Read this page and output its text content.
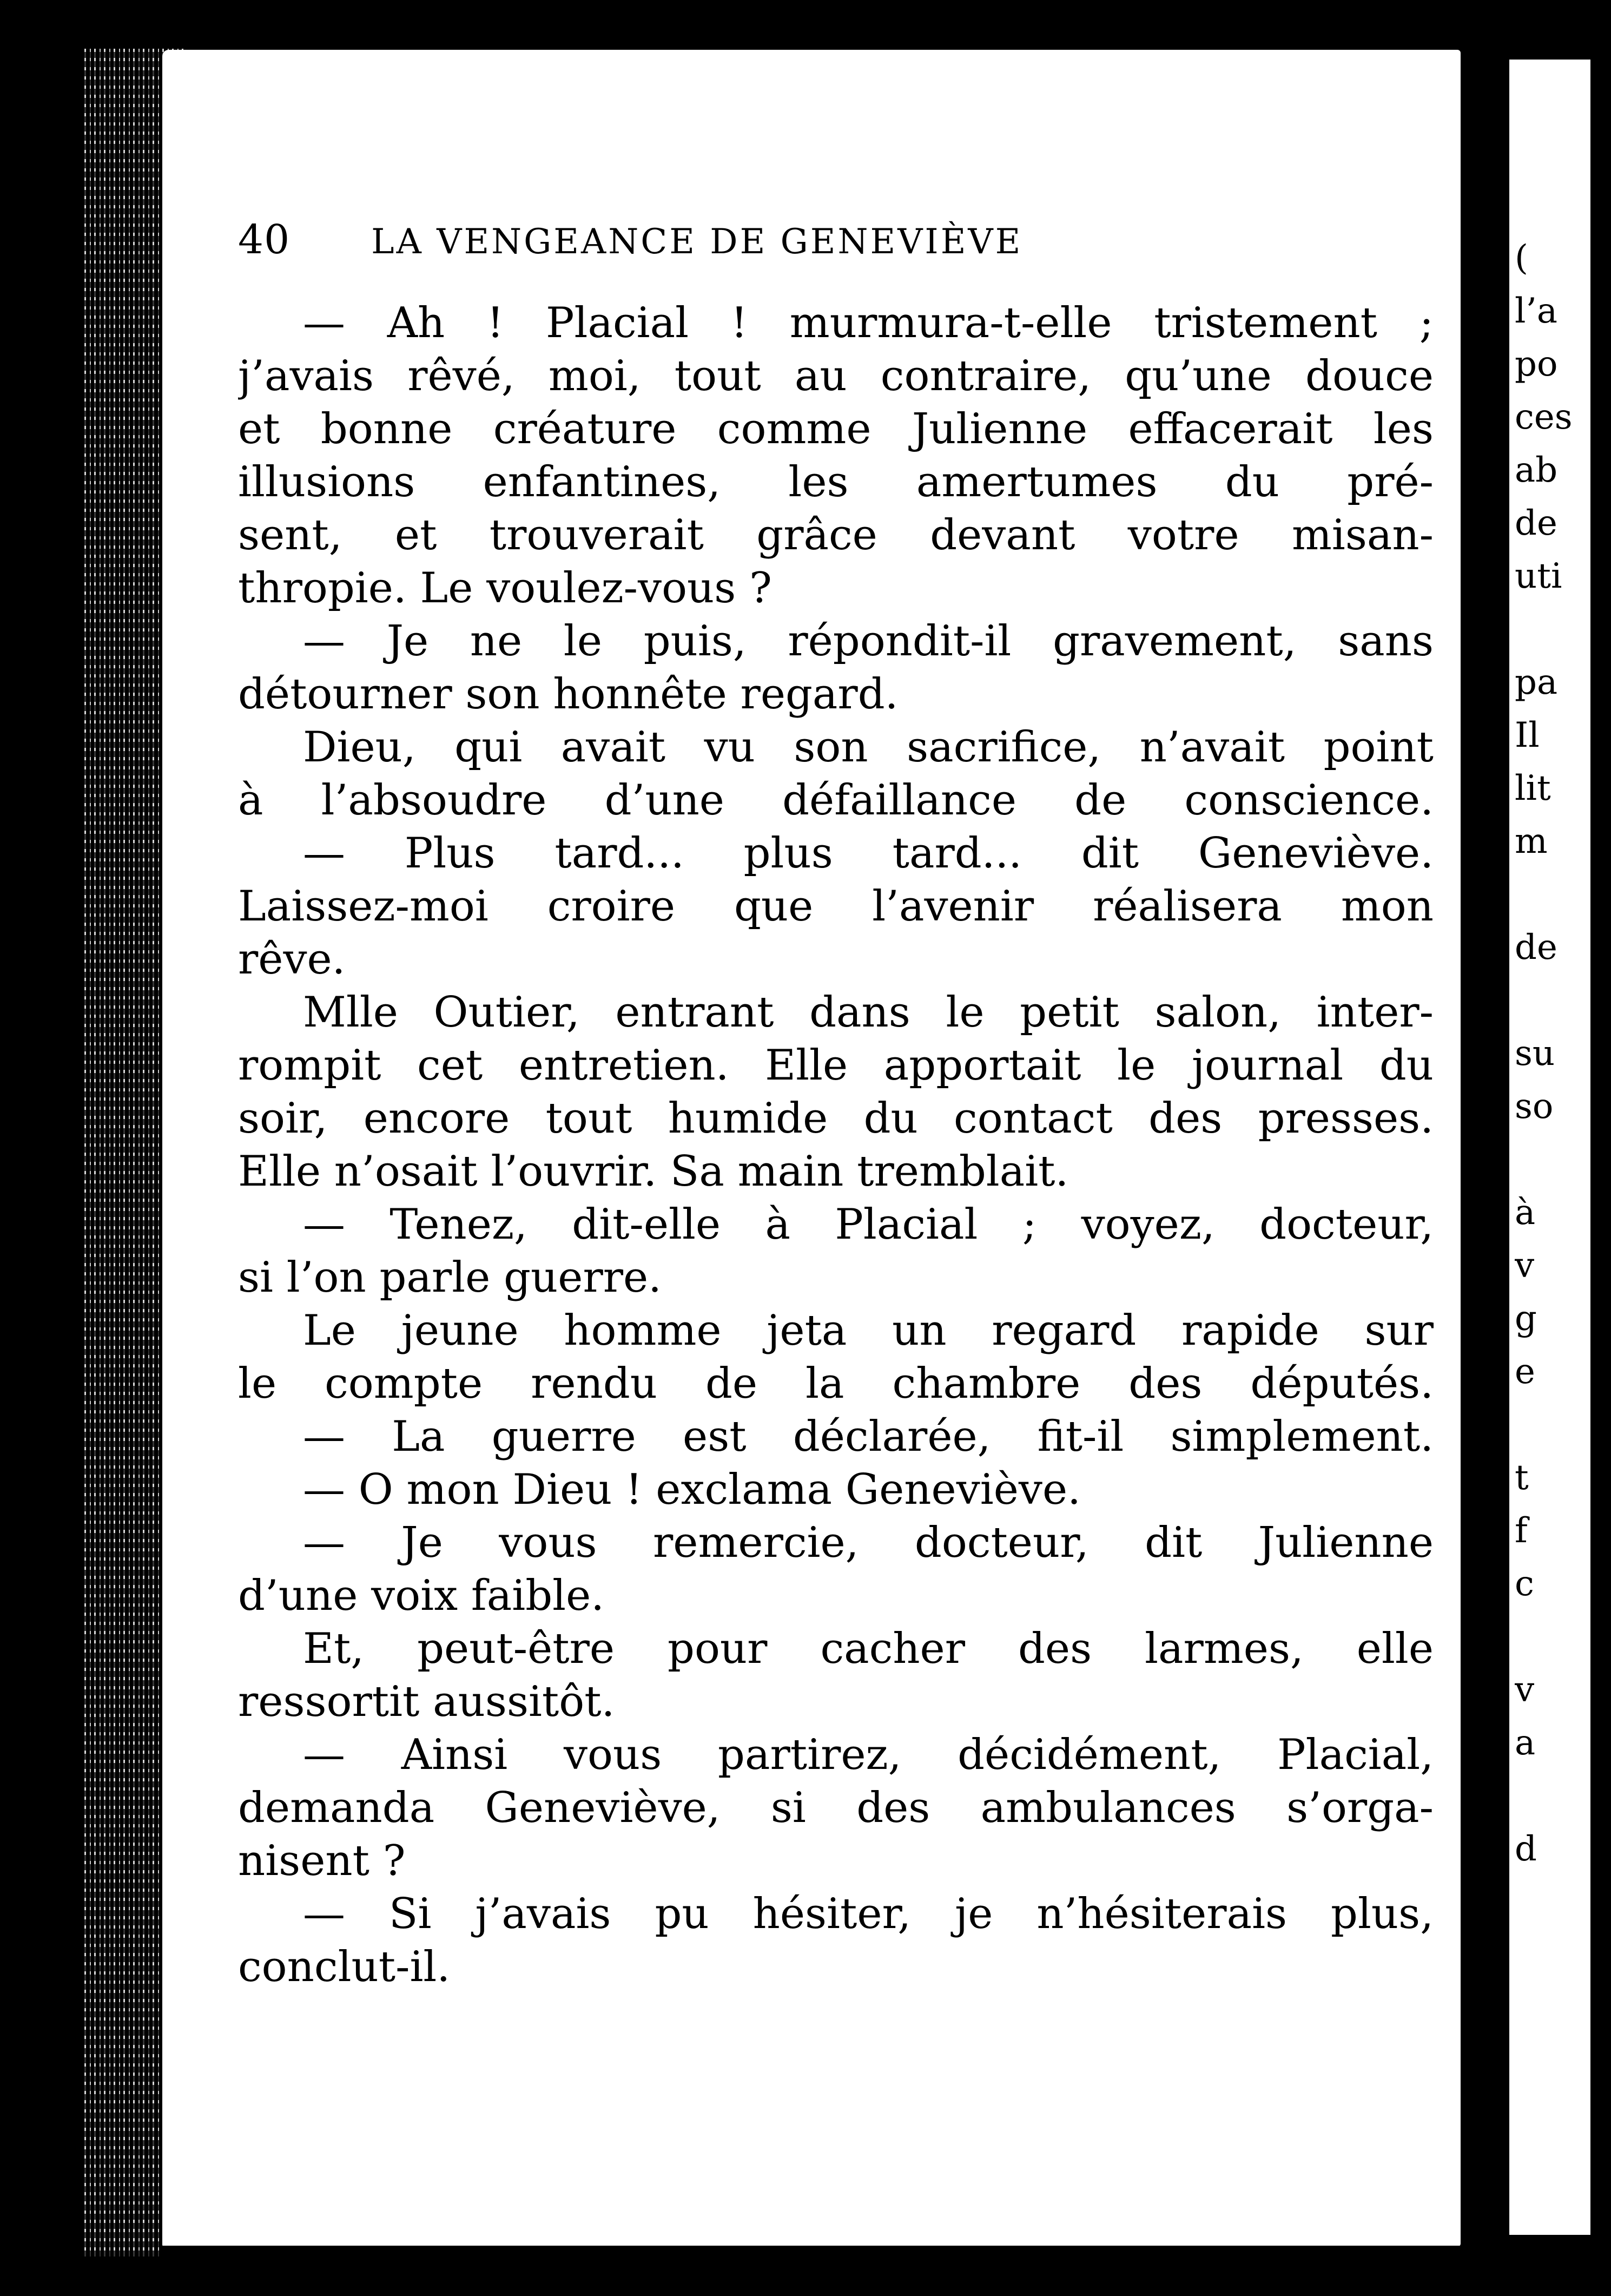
40 LA VENGEANCE DE GENEVIÈVE
— Ah ! Placial ! murmura-t-elle tristement ;
j’avais rêvé, moi, tout au contraire, qu’une douce
et bonne créature comme Julienne effacerait les
illusions enfantines, les amertumes du pré-
sent, et trouverait grâce devant votre misan-
thropie. Le voulez-vous ?
— Je ne le puis, répondit-il gravement, sans
détourner son honnête regard.
Dieu, qui avait vu son sacrifice, n’avait point
à l’absoudre d’une défaillance de conscience.
— Plus tard... plus tard... dit Geneviève.
Laissez-moi croire que l’avenir réalisera mon
rêve.
Mlle Outier, entrant dans le petit salon, inter-
rompit cet entretien. Elle apportait le journal du
soir, encore tout humide du contact des presses.
Elle n’osait l’ouvrir. Sa main tremblait.
— Tenez, dit-elle à Placial ; voyez, docteur,
si l’on parle guerre.
Le jeune homme jeta un regard rapide sur
le compte rendu de la chambre des députés.
— La guerre est déclarée, fit-il simplement.
— O mon Dieu ! exclama Geneviève.
— Je vous remercie, docteur, dit Julienne
d’une voix faible.
Et, peut-être pour cacher des larmes, elle
ressortit aussitôt.
— Ainsi vous partirez, décidément, Placial,
demanda Geneviève, si des ambulances s’orga-
nisent ?
— Si j’avais pu hésiter, je n’hésiterais plus,
conclut-il.
(
l’a
po
ces
ab
de
uti
pa
Il
lit
m
de
su
so
à
v
g
e
t
f
c
v
a
d
